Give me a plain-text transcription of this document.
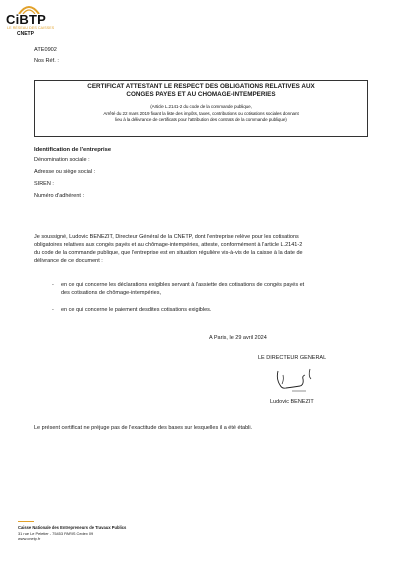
CiBTP
LE RÉSEAU DES CAISSES
CNETP
ATE0902
Nos Réf. :
CERTIFICAT ATTESTANT LE RESPECT DES OBLIGATIONS RELATIVES AUX
CONGES PAYES ET AU CHOMAGE-INTEMPERIES
(Article L.2141-2 du code de la commande publique,
Arrêté du 22 mars 2019 fixant la liste des impôts, taxes, contributions ou cotisations sociales donnant
lieu à la délivrance de certificats pour l'attribution des contrats de la commande publique)
Identification de l'entreprise
Dénomination sociale :
Adresse ou siège social :
SIREN :
Numéro d'adhérent :
Je soussigné, Ludovic BENEZIT, Directeur Général de la CNETP, dont l'entreprise relève pour les cotisations
obligatoires relatives aux congés payés et au chômage-intempéries, atteste, conformément à l'article L.2141-2
du code de la commande publique, que l'entreprise est en situation régulière vis-à-vis de la caisse à la date de
délivrance de ce document :
- en ce qui concerne les déclarations exigibles servant à l'assiette des cotisations de congés payés et
des cotisations de chômage-intempéries,
- en ce qui concerne le paiement desdites cotisations exigibles.
A Paris, le 29 avril 2024
LE DIRECTEUR GENERAL
Ludovic BENEZIT
Le présent certificat ne préjuge pas de l'exactitude des bases sur lesquelles il a été établi.
Caisse Nationale des Entrepreneurs de Travaux Publics
31 rue Le Peletier - 75453 PARIS Cedex 09
www.cnetp.fr
